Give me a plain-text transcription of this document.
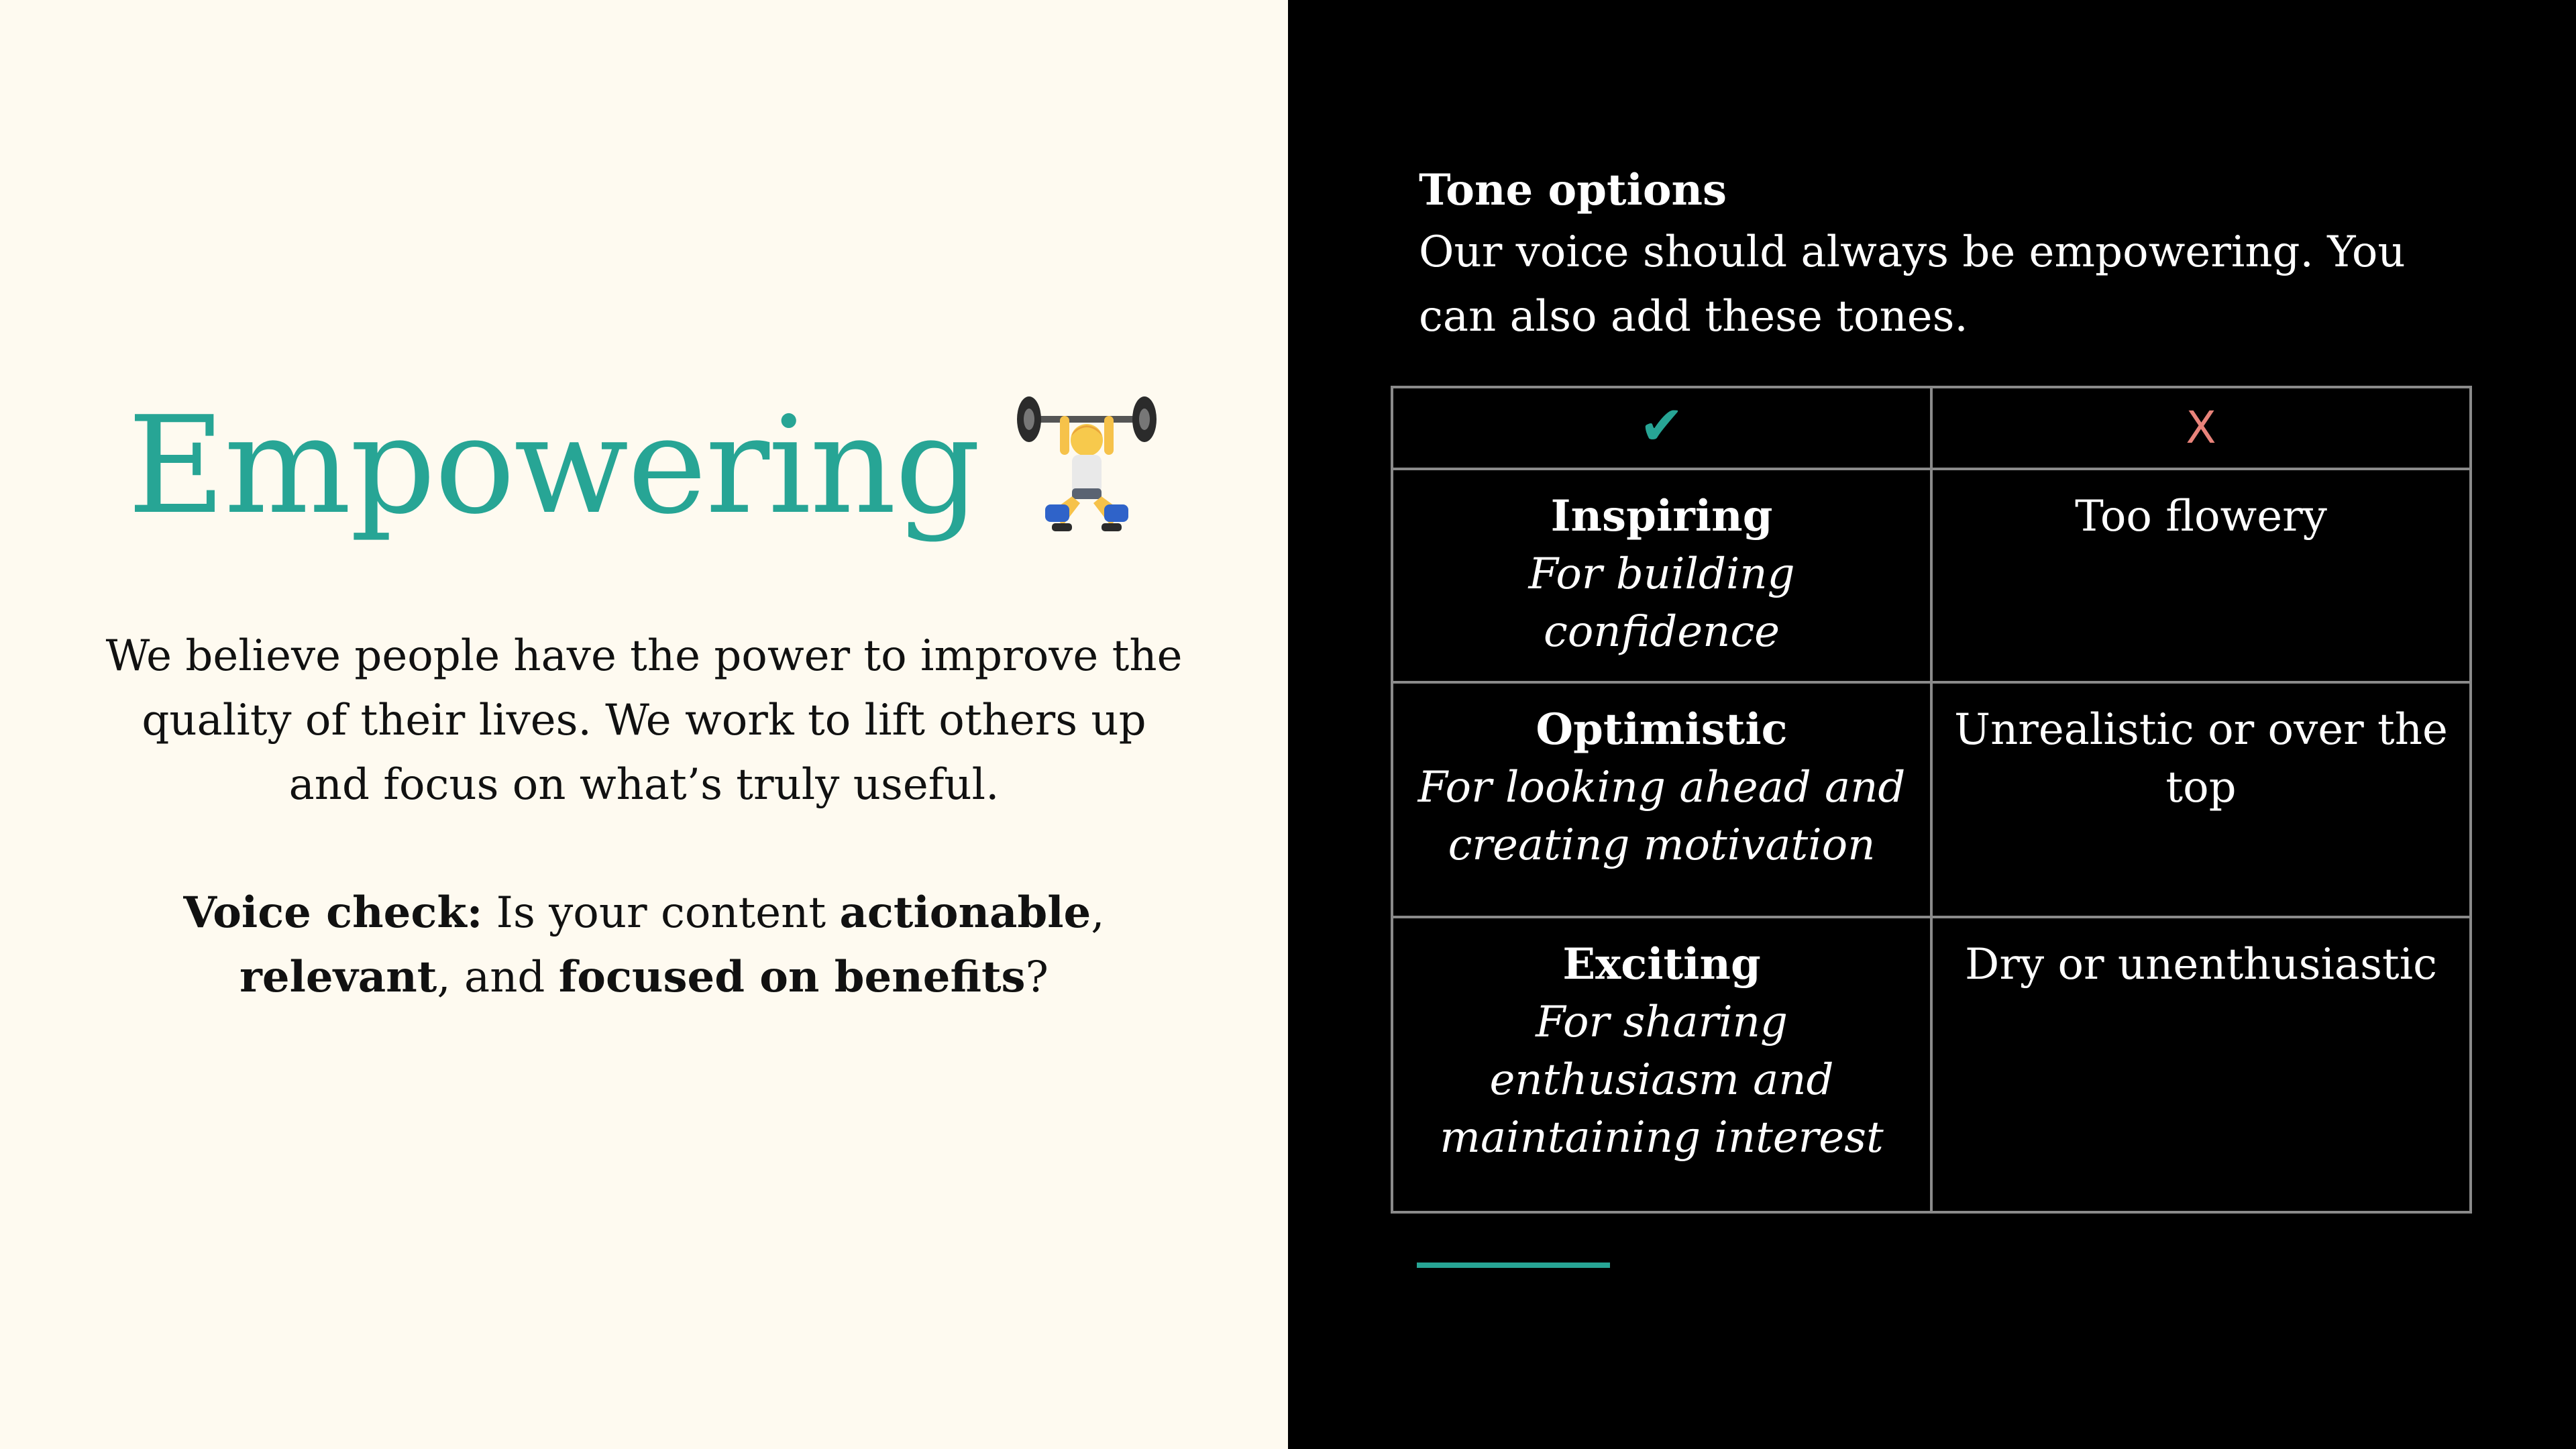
Empowering
We believe people have the power to improve the quality of their lives. We work to lift others up and focus on what’s truly useful.
Voice check: Is your content actionable, relevant, and focused on benefits?
Tone options
Our voice should always be empowering. You can also add these tones.
✔	X

Inspiring
For building confidence	Too flowery

Optimistic
For looking ahead and creating motivation	Unrealistic or over the top

Exciting
For sharing enthusiasm and maintaining interest	Dry or unenthusiastic
